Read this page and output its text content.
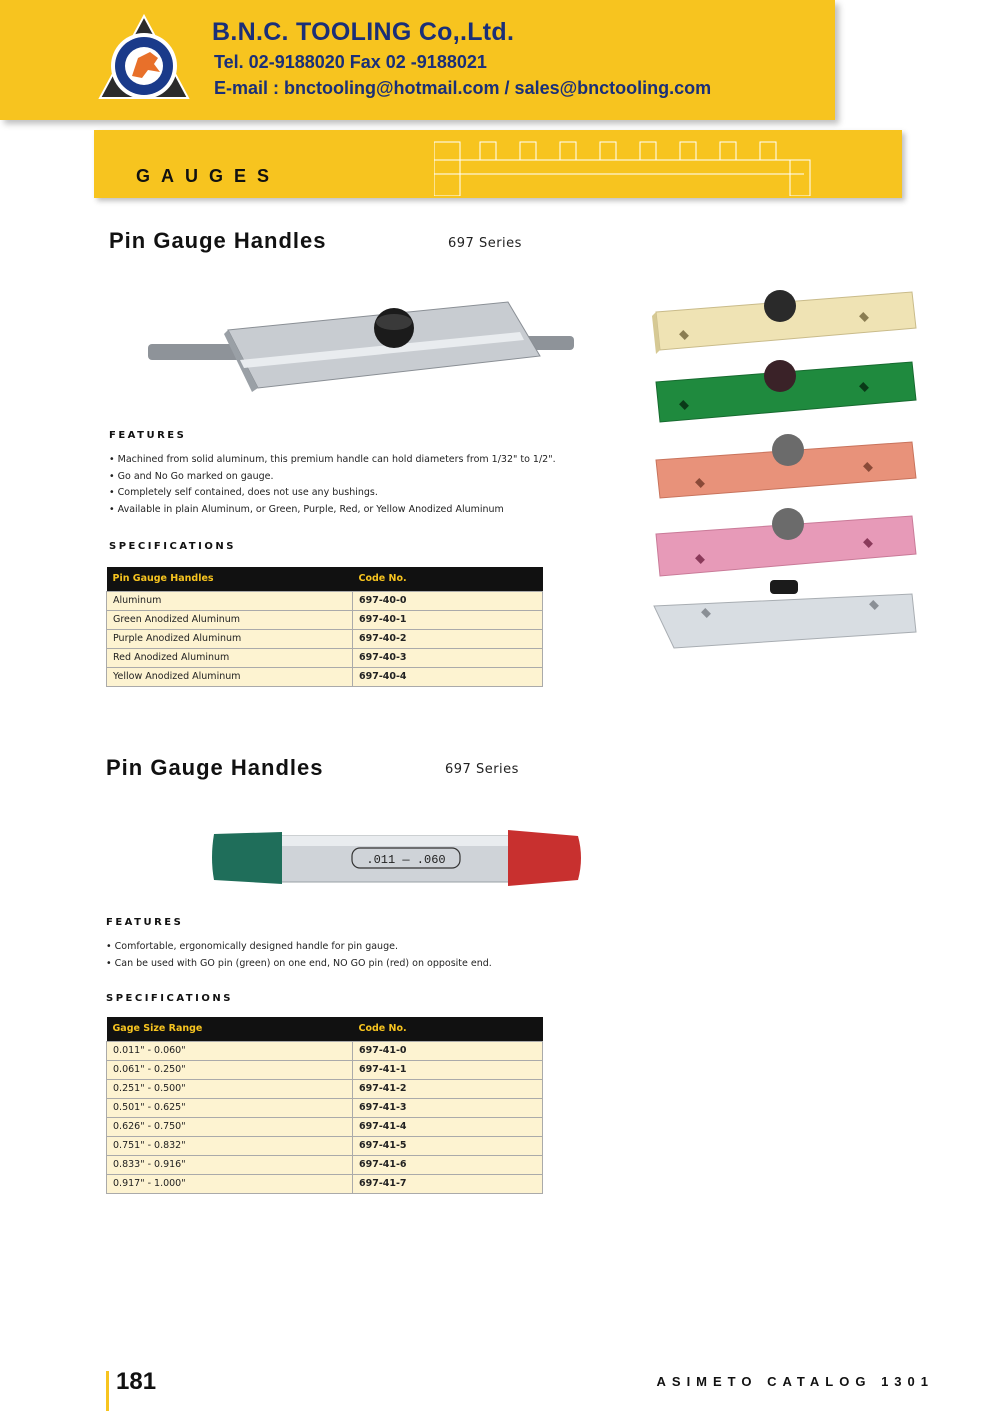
B.N.C. TOOLING Co,.Ltd.
Tel. 02-9188020 Fax 02 -9188021
E-mail : bnctooling@hotmail.com / sales@bnctooling.com
GAUGES
Pin Gauge Handles	697 Series
FEATURES
• Machined from solid aluminum, this premium handle can hold diameters from 1/32" to 1/2".
• Go and No Go marked on gauge.
• Completely self contained, does not use any bushings.
• Available in plain Aluminum, or Green, Purple, Red, or Yellow Anodized Aluminum
SPECIFICATIONS
Pin Gauge Handles	Code No.
Aluminum	697-40-0
Green Anodized Aluminum	697-40-1
Purple Anodized Aluminum	697-40-2
Red Anodized Aluminum	697-40-3
Yellow Anodized Aluminum	697-40-4
Pin Gauge Handles	697 Series
.011 — .060
FEATURES
• Comfortable, ergonomically designed handle for pin gauge.
• Can be used with GO pin (green) on one end, NO GO pin (red) on opposite end.
SPECIFICATIONS
Gage Size Range	Code No.
0.011" - 0.060"	697-41-0
0.061" - 0.250"	697-41-1
0.251" - 0.500"	697-41-2
0.501" - 0.625"	697-41-3
0.626" - 0.750"	697-41-4
0.751" - 0.832"	697-41-5
0.833" - 0.916"	697-41-6
0.917" - 1.000"	697-41-7
181	ASIMETO CATALOG 1301
